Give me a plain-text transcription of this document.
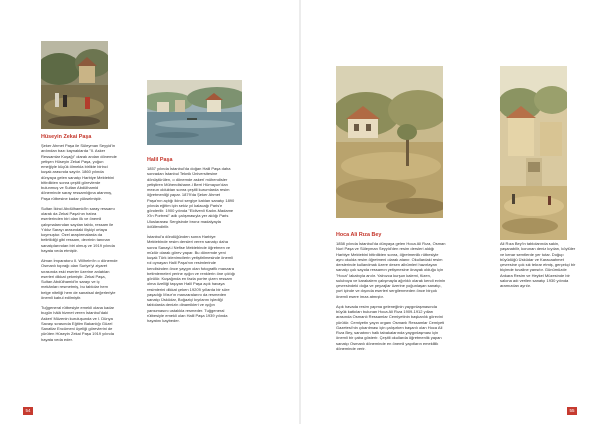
Hüseyin Zekai Paşa

Şeker Ahmet Paşa ile Süleyman Seyyid'in ardından bazı kaynaklarda "II. Asker Ressamlar Kuşağı" olarak anılan dönemde yetişen Hüseyin Zekai Paşa, yoğun emeğiyle küçük ölmekla birlikte birinci kuşak arasında sayılır. 1860 yılında dünyaya gelen sanatçı Harbiye Mektebini bitirdikten sonra çeşitli görevlerde bulunmuş ve Sultan Abdülhamid döneminde saray ressamlığına atanmış, Paşa rütbesine kadar yükselmiştir.

Sultan İkinci Abdülhamid'in saray ressamı olarak da Zekai Paşa'nın hatıra eserlerinden biri olan ilk ve önemli çalışmalarından sayılan tablo, ressam ile Yıldız Sarayı arasındaki ilişkiyi ortaya koymuştur. Özel araştırmalarda da belirtildiği gibi ressam, devrinin tanınan sanatçılarından biri olmuş ve 1919 yılında hayata veda etmiştir.

Alman İmparatoru II. Wilhelm'in o dönemde Osmanlı toprağı olan Suriye'yi ziyaret sırasında eski eserler üzerine anlatılan eserleri dikkat çekmiştir. Zekai Paşa, Sultan Abdülhamid'in sarayı ve iç mekânları resmetmiş, bu tablolar hem belge niteliği hem de sanatsal değerleriyle önemli kabul edilmiştir.

Tuğgeneral rütbesiyle emekli olana kadar bugün hâlâ hizmet veren İstanbul'daki Askerî Müzenin kuruluşunda ve I. Dünya Savaşı sırasında Eğitim Bakanlığı Güzel Sanatlar Encümeni üyeliği görevlerini de yürüten Hüseyin Zekai Paşa 1919 yılında hayata veda eder.

Halil Paşa

1857 yılında İstanbul'da doğan Halil Paşa daha sonradan İstanbul Teknik Üniversitesine dönüştürülen, o dönemde askerî mühendisler yetiştiren Mühendishane-i Berri Hümayun'dan mezun olduktan sonra çeşitli kurumlarda resim öğretmenliği yapar. 1879'da Şeker Ahmet Paşa'nın açtığı ikinci sergiye katılan sanatçı 1890 yılında eğitim için sekiz yıl kalacağı Paris'e gönderilir. 1900 yılında "Eldivenli Kadın-Madame X'in Portresi" adlı çalışmasıyla yer aldığı Paris Uluslararası Sergisinde bronz madalyayla ödüllendirilir.

İstanbul'a döndüğünden sonra Harbiye Mektebinde resim dersleri veren sanatçı daha sonra Sanayi-i Nefise Mektebinde öğretmen ve müdür olarak görev yapar. Bu dönemde yeni kuşak Türk izlenimcilerin yetiştirilmesinde önemli rol oynayan Halil Paşa'nın resimlerinde kendisinden önce yaygın olan fotografik manzara betimlemeleri yerine ışığın ve renklerin öne çıktığı görülür. Kuşağında en fazla portre çizen ressam olma özelliği taşıyan Halil Paşa açık havaya resimlerini dikkat çeken 1920'li yıllarda bir süre yaşadığı Mısır'ın manzaralarını da resmeden sanatçı Üsküdar, Boğaziçi kıyılarını işlediği tablolarda denizin dinamikleri ve ışığın yansımasını ustalıkla resmeder. Tuğgeneral rütbesiyle emekli olan Halil Paşa 1939 yılında hayatını kaybeder.

54
Hoca Ali Rıza Bey

1858 yılında İstanbul'da dünyaya gelen Hoca Ali Rıza, Osman Nuri Paşa ve Süleyman Seyyid'den resim dersleri aldığı Harbiye Mektebini bitirdikten sonra, öğretmenlik rütbesiyle aynı okulda resim öğretmeni olarak atanır. Okullardaki resim derslerinde kullanılmak üzere desen albümleri hazırlayan sanatçı çok sayıda ressamın yetişmesine önayak olduğu için "Hoca" lakabıyla anılır. Yalnızca kurşun kalemi, füzen, suluboya ve karakalem çalışmayla ağırlıklı olarak kendi evinin çevresindeki doğa ve peyzajlar üzerine yoğunlaşan sanatçı, yurt içinde ve dışında eserleri sergilenmeden önce birçok önemli esere imza atmıştır.

Açık havada resim yapma geleneğinin yaygınlaşmasında büyük katkıları bulunan Hoca Ali Rıza 1909-1912 yılları arasında Osmanlı Ressamlar Cemiyetinin başkanlık görevini yürütür. Cemiyetin yayın organı Osmanlı Ressamlar Cemiyeti Gazetesi'nin çıkarılması için çalışırken başarılı olan Hoca Ali Rıza Bey, sanatının halk tabakalarında yaygınlaşması için önemli bir çaba gösterir. Çeşitli okullarda öğretmenlik yapan sanatçı Osmanlı döneminde en önemli yapıtların emeklilik döneminde verir.

Ali Rıza Bey'in tablolarında sakin, yaşanabilir, korunan deniz kıyıları, köylüler ve kenar semtlerde yer tutar. Doğup büyüdüğü Üsküdar ve Karacaahmet çevresine çok sık tekrar etmiş, gerçekçi bir biçimde tuvaline yansıtır. Günümüzde Ankara Resim ve Heykel Müzesinde bir salona adı verilen sanatçı 1930 yılında aramızdan ayrılır.

55
